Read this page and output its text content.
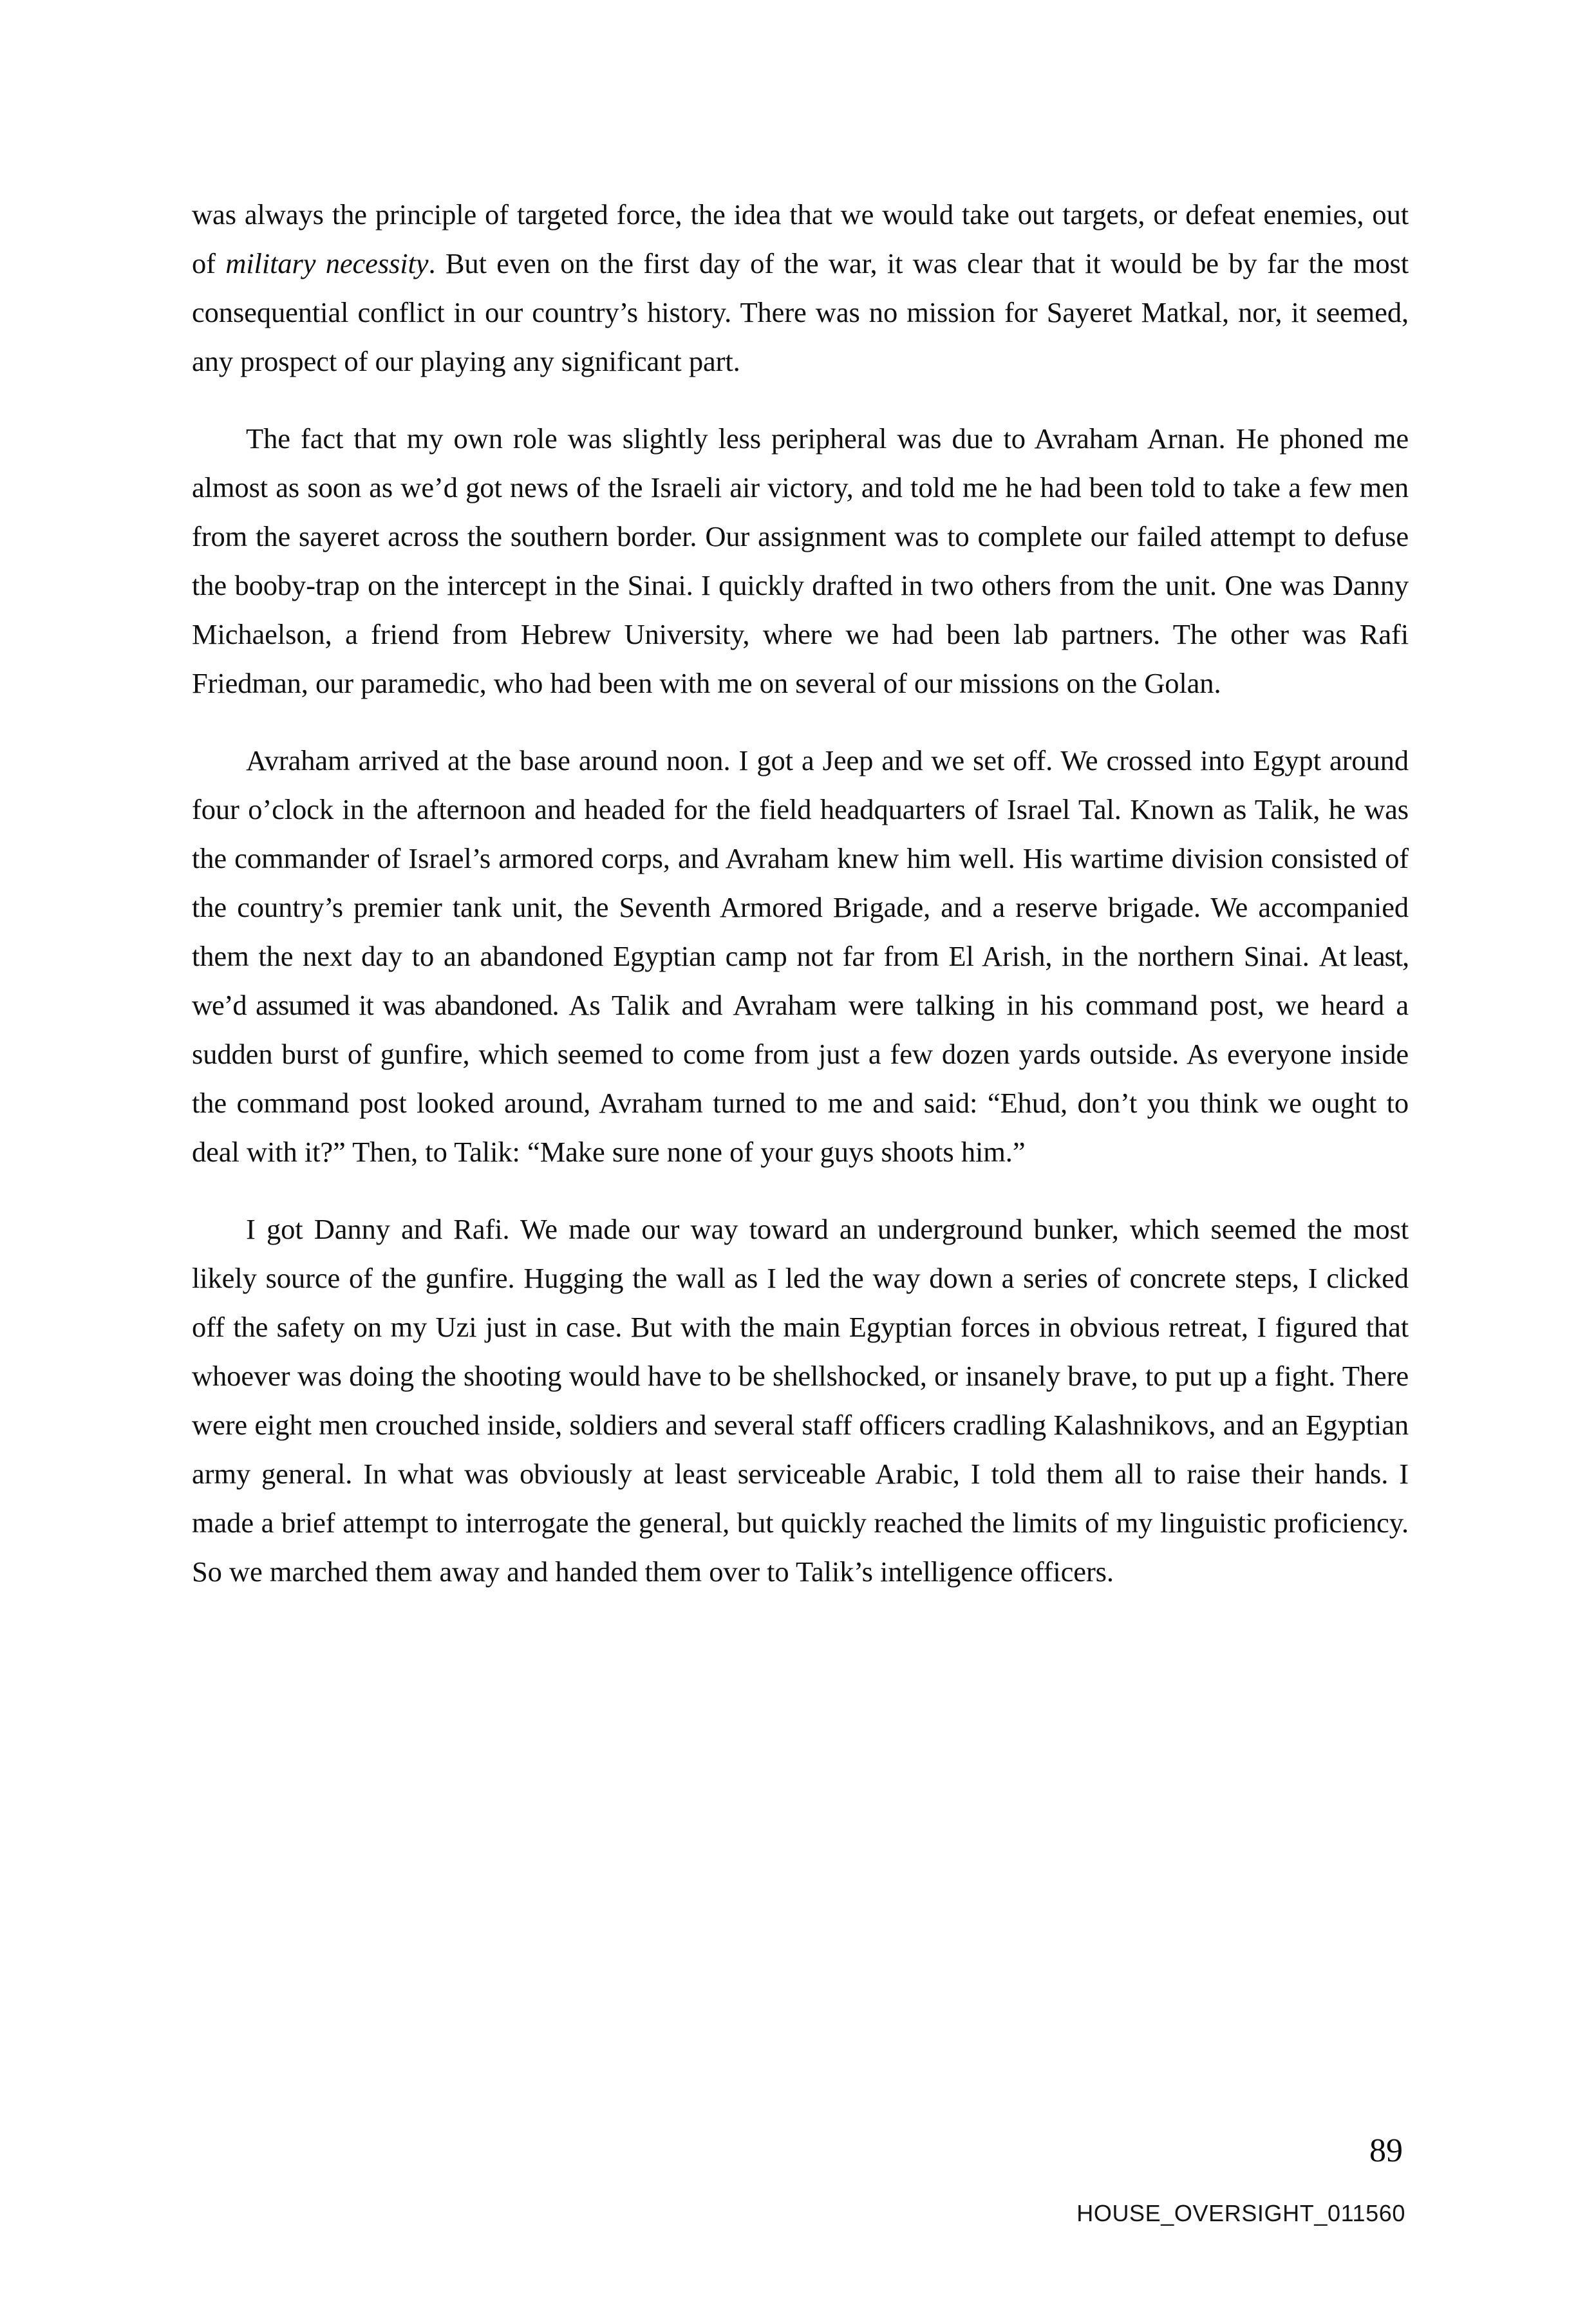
was always the principle of targeted force, the idea that we would take out targets, or defeat enemies, out of military necessity. But even on the first day of the war, it was clear that it would be by far the most consequential conflict in our country’s history. There was no mission for Sayeret Matkal, nor, it seemed, any prospect of our playing any significant part.

The fact that my own role was slightly less peripheral was due to Avraham Arnan. He phoned me almost as soon as we’d got news of the Israeli air victory, and told me he had been told to take a few men from the sayeret across the southern border. Our assignment was to complete our failed attempt to defuse the booby-trap on the intercept in the Sinai. I quickly drafted in two others from the unit. One was Danny Michaelson, a friend from Hebrew University, where we had been lab partners. The other was Rafi Friedman, our paramedic, who had been with me on several of our missions on the Golan.

Avraham arrived at the base around noon. I got a Jeep and we set off. We crossed into Egypt around four o’clock in the afternoon and headed for the field headquarters of Israel Tal. Known as Talik, he was the commander of Israel’s armored corps, and Avraham knew him well. His wartime division consisted of the country’s premier tank unit, the Seventh Armored Brigade, and a reserve brigade. We accompanied them the next day to an abandoned Egyptian camp not far from El Arish, in the northern Sinai. At least, we’d assumed it was abandoned. As Talik and Avraham were talking in his command post, we heard a sudden burst of gunfire, which seemed to come from just a few dozen yards outside. As everyone inside the command post looked around, Avraham turned to me and said: “Ehud, don’t you think we ought to deal with it?” Then, to Talik: “Make sure none of your guys shoots him.”

I got Danny and Rafi. We made our way toward an underground bunker, which seemed the most likely source of the gunfire. Hugging the wall as I led the way down a series of concrete steps, I clicked off the safety on my Uzi just in case. But with the main Egyptian forces in obvious retreat, I figured that whoever was doing the shooting would have to be shellshocked, or insanely brave, to put up a fight. There were eight men crouched inside, soldiers and several staff officers cradling Kalashnikovs, and an Egyptian army general. In what was obviously at least serviceable Arabic, I told them all to raise their hands. I made a brief attempt to interrogate the general, but quickly reached the limits of my linguistic proficiency. So we marched them away and handed them over to Talik’s intelligence officers.

89
HOUSE_OVERSIGHT_011560
